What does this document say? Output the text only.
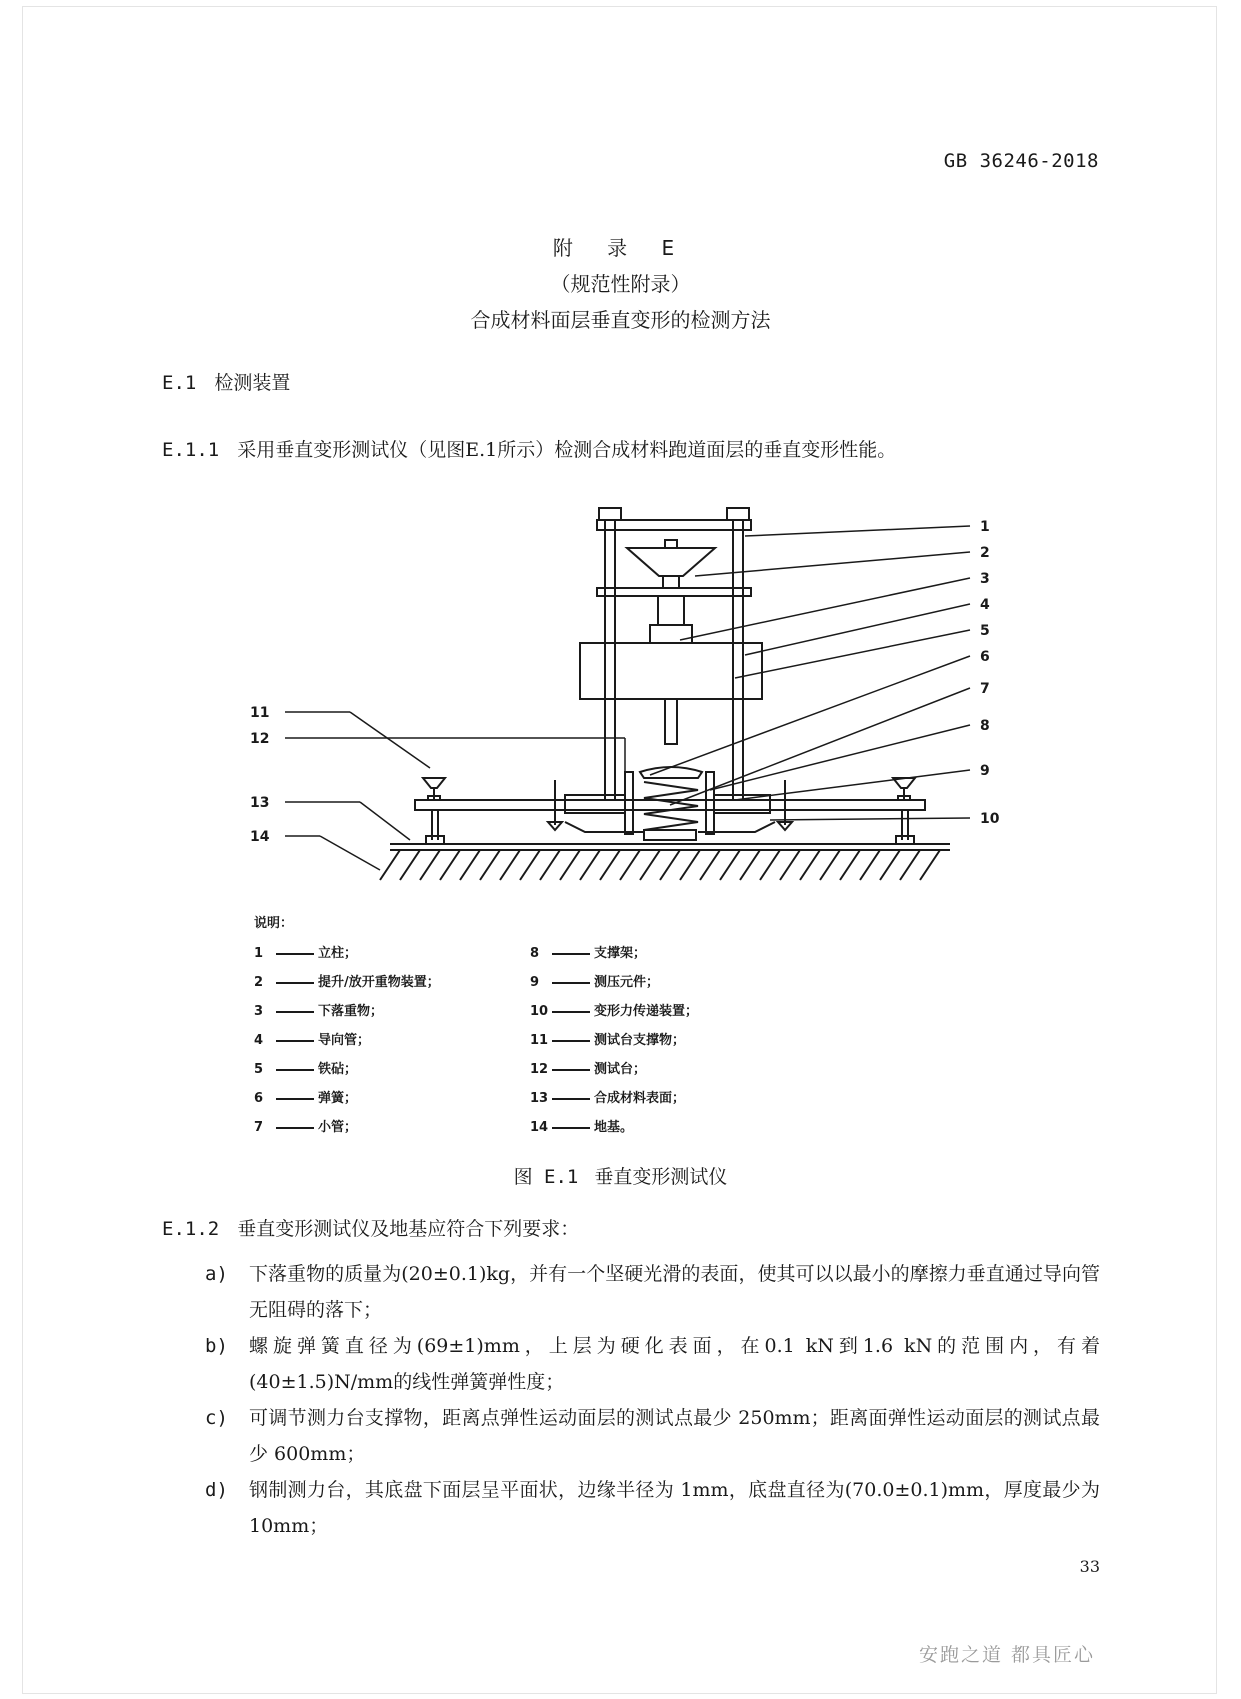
GB 36246-2018
附 录 E
（规范性附录）
合成材料面层垂直变形的检测方法
E.1 检测装置
E.1.1 采用垂直变形测试仪（见图E.1所示）检测合成材料跑道面层的垂直变形性能。
1
2
3
4
5
6
7
8
9
10
11
12
13
14
说明：
1	立柱；
2	提升/放开重物装置；
3	下落重物；
4	导向管；
5	铁砧；
6	弹簧；
7	小管；
8	支撑架；
9	测压元件；
10	变形力传递装置；
11	测试台支撑物；
12	测试台；
13	合成材料表面；
14	地基。
图 E.1 垂直变形测试仪
E.1.2 垂直变形测试仪及地基应符合下列要求：
a) 下落重物的质量为(20±0.1)kg，并有一个坚硬光滑的表面，使其可以以最小的摩擦力垂直通过导向管无阻碍的落下；
b) 螺旋弹簧直径为(69±1)mm，上层为硬化表面，在0.1 kN到1.6 kN的范围内，有着(40±1.5)N/mm的线性弹簧弹性度；
c) 可调节测力台支撑物，距离点弹性运动面层的测试点最少 250mm；距离面弹性运动面层的测试点最少 600mm；
d) 钢制测力台，其底盘下面层呈平面状，边缘半径为 1mm，底盘直径为(70.0±0.1)mm，厚度最少为 10mm；
33
安跑之道 都具匠心
